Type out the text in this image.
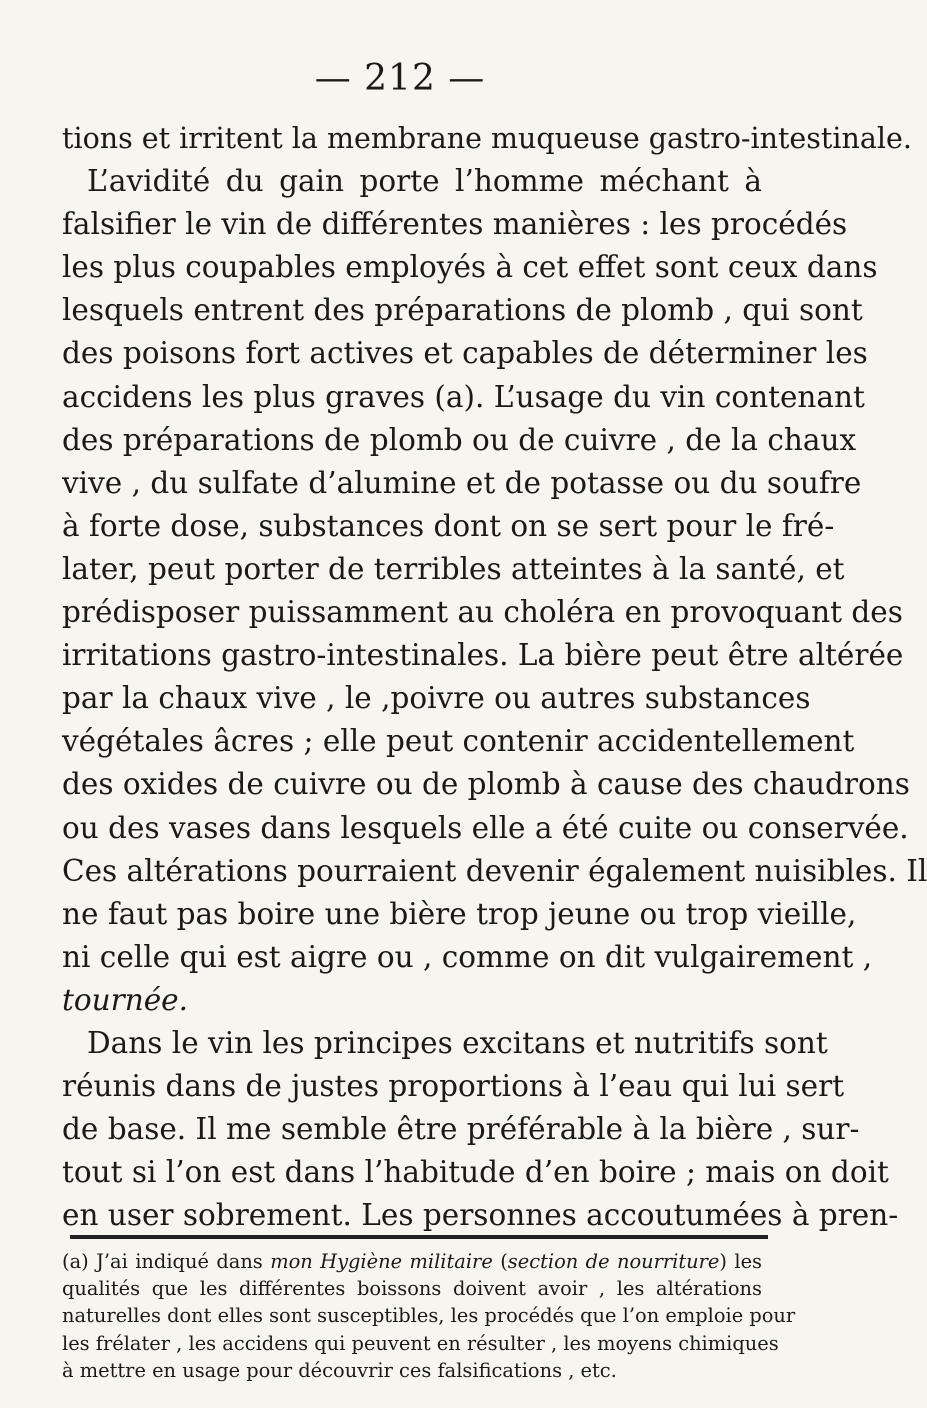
— 212 —
tions et irritent la membrane muqueuse gastro-intestinale.
L’avidité du gain porte l’homme méchant à
falsifier le vin de différentes manières : les procédés
les plus coupables employés à cet effet sont ceux dans
lesquels entrent des préparations de plomb , qui sont
des poisons fort actives et capables de déterminer les
accidens les plus graves (a). L’usage du vin contenant
des préparations de plomb ou de cuivre , de la chaux
vive , du sulfate d’alumine et de potasse ou du soufre
à forte dose, substances dont on se sert pour le fré-
later, peut porter de terribles atteintes à la santé, et
prédisposer puissamment au choléra en provoquant des
irritations gastro-intestinales. La bière peut être altérée
par la chaux vive , le ,poivre ou autres substances
végétales âcres ; elle peut contenir accidentellement
des oxides de cuivre ou de plomb à cause des chaudrons
ou des vases dans lesquels elle a été cuite ou conservée.
Ces altérations pourraient devenir également nuisibles. Il
ne faut pas boire une bière trop jeune ou trop vieille,
ni celle qui est aigre ou , comme on dit vulgairement ,
tournée.
Dans le vin les principes excitans et nutritifs sont
réunis dans de justes proportions à l’eau qui lui sert
de base. Il me semble être préférable à la bière , sur-
tout si l’on est dans l’habitude d’en boire ; mais on doit
en user sobrement. Les personnes accoutumées à pren-
(a) J’ai indiqué dans mon Hygiène militaire (section de nourriture) les
qualités que les différentes boissons doivent avoir , les altérations
naturelles dont elles sont susceptibles, les procédés que l’on emploie pour
les frélater , les accidens qui peuvent en résulter , les moyens chimiques
à mettre en usage pour découvrir ces falsifications , etc.
